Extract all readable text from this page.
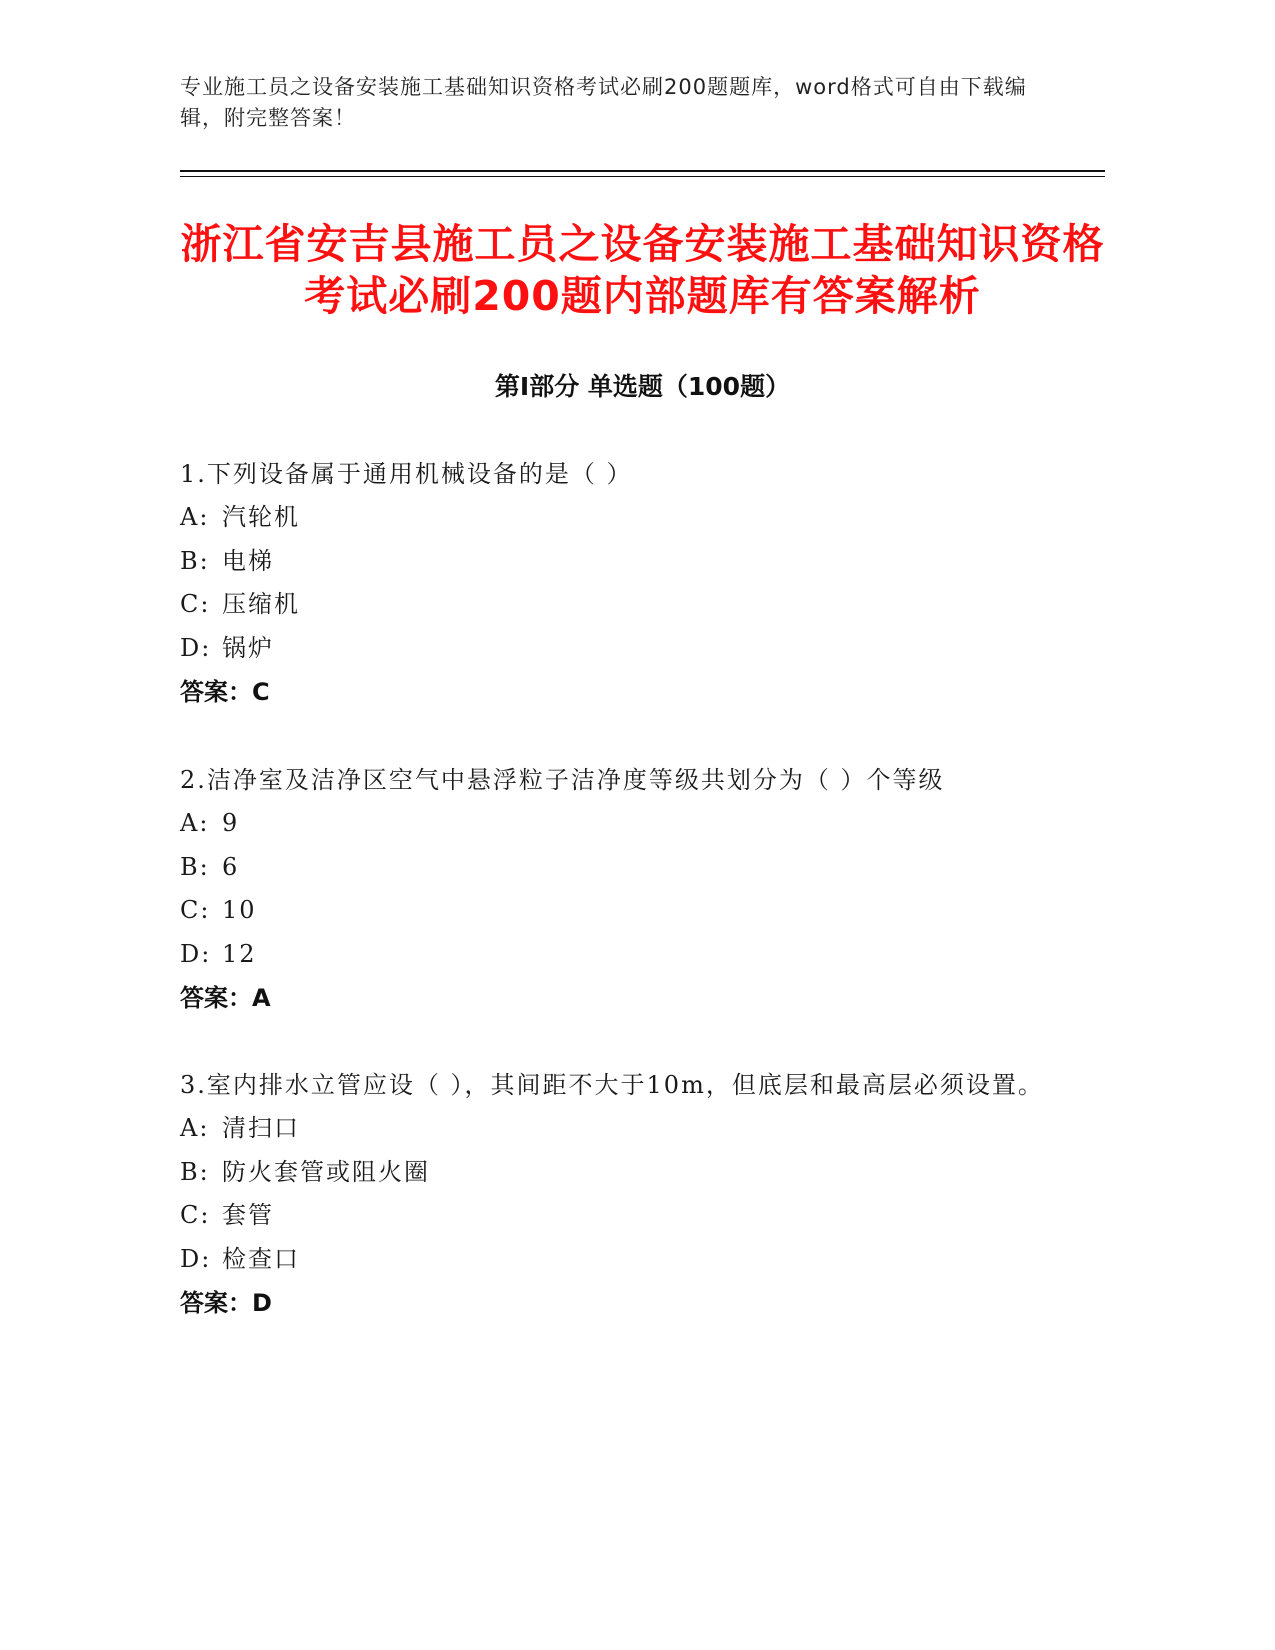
专业施工员之设备安装施工基础知识资格考试必刷200题题库，word格式可自由下载编辑，附完整答案！
浙江省安吉县施工员之设备安装施工基础知识资格考试必刷200题内部题库有答案解析
第I部分 单选题（100题）

1.下列设备属于通用机械设备的是（ ）

A: 汽轮机

B: 电梯

C: 压缩机

D: 锅炉

答案：C

2.洁净室及洁净区空气中悬浮粒子洁净度等级共划分为（ ）个等级

A: 9

B: 6

C: 10

D: 12

答案：A

3.室内排水立管应设（ ），其间距不大于10m，但底层和最高层必须设置。

A: 清扫口

B: 防火套管或阻火圈

C: 套管

D: 检查口

答案：D
